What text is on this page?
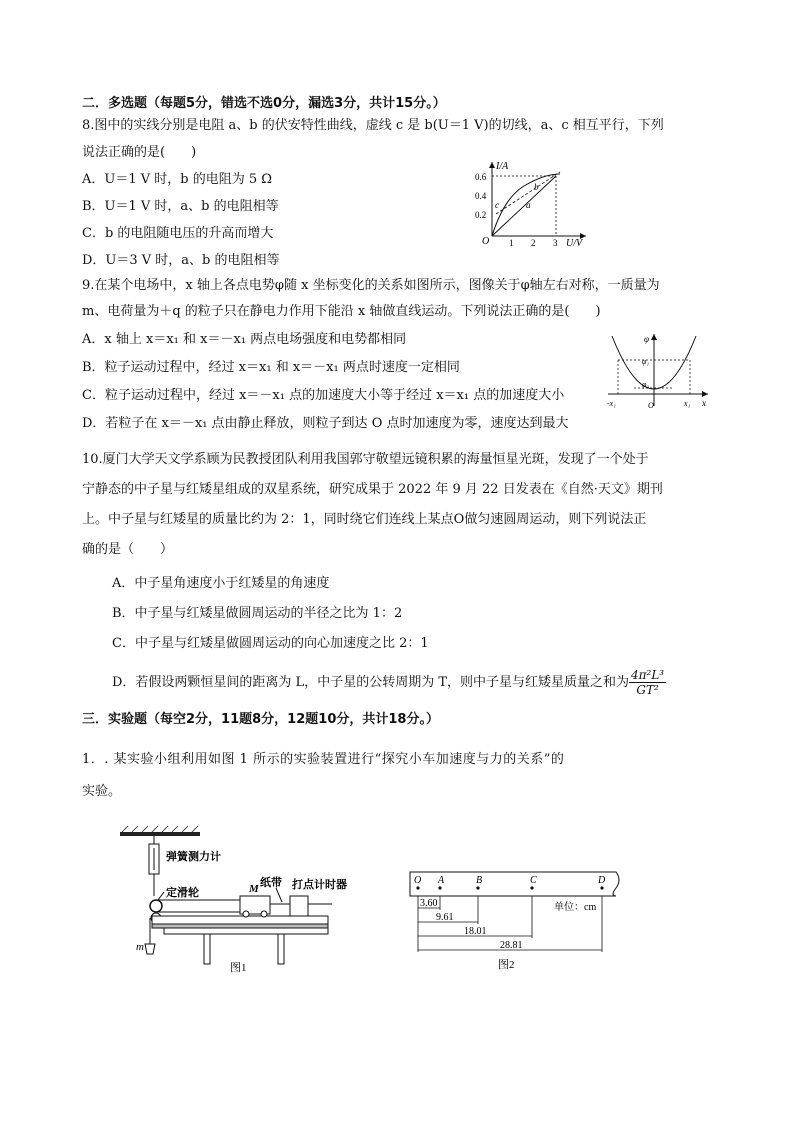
二．多选题（每题5分，错选不选0分，漏选3分，共计15分。）
8.图中的实线分别是电阻 a、b 的伏安特性曲线，虚线 c 是 b(U＝1 V)的切线，a、c 相互平行，下列
说法正确的是(　　)
A．U＝1 V 时，b 的电阻为 5 Ω
B．U＝1 V 时，a、b 的电阻相等
C．b 的电阻随电压的升高而增大
D．U＝3 V 时，a、b 的电阻相等
I/A
U/V
O
0.6
0.4
0.2
1 2 3
a
b
c
9.在某个电场中，x 轴上各点电势φ随 x 坐标变化的关系如图所示，图像关于φ轴左右对称，一质量为
m、电荷量为＋q 的粒子只在静电力作用下能沿 x 轴做直线运动。下列说法正确的是(　　)
A．x 轴上 x＝x₁ 和 x＝－x₁ 两点电场强度和电势都相同
B．粒子运动过程中，经过 x＝x₁ 和 x＝－x₁ 两点时速度一定相同
C．粒子运动过程中，经过 x＝－x₁ 点的加速度大小等于经过 x＝x₁ 点的加速度大小
D．若粒子在 x＝－x₁ 点由静止释放，则粒子到达 O 点时加速度为零，速度达到最大
φ
φ₁
φ₀
-x₁	O	x₁ x
10.厦门大学天文学系顾为民教授团队利用我国郭守敬望远镜积累的海量恒星光斑，发现了一个处于
宁静态的中子星与红矮星组成的双星系统，研究成果于 2022 年 9 月 22 日发表在《自然·天文》期刊
上。中子星与红矮星的质量比约为 2：1，同时绕它们连线上某点O做匀速圆周运动，则下列说法正
确的是（　　）
A．中子星角速度小于红矮星的角速度
B．中子星与红矮星做圆周运动的半径之比为 1：2
C．中子星与红矮星做圆周运动的向心加速度之比 2：1
D．若假设两颗恒星间的距离为 L，中子星的公转周期为 T，则中子星与红矮星质量之和为 $\frac{\text{4π²L³}}{\text{GT²}}$
三．实验题（每空2分，11题8分，12题10分，共计18分。）
1．. 某实验小组利用如图 1 所示的实验装置进行“探究小车加速度与力的关系”的
实验。
弹簧测力计
定滑轮
m
M 纸带 打点计时器
图1
O A	B	C	D
3.60
9.61
18.01
28.81
单位：cm
图2
